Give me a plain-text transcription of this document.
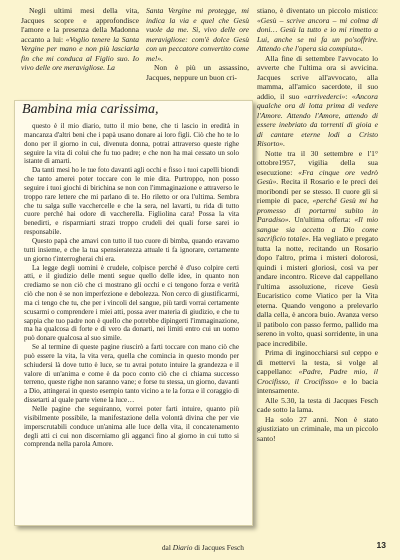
Negli ultimi mesi della vita, Jacques scopre e approfondisce l'amore e la presenza della Madonna accanto a lui: «Voglio tenere la Santa Vergine per mano e non più lasciarla fin che mi conduca al Figlio suo. Io vivo delle ore meravigliose. La

Santa Vergine mi protegge, mi indica la via e quel che Gesù vuole da me. Sì, vivo delle ore meravigliose: com'è dolce Gesù con un peccatore convertito come me!».

Non è più un assassino, Jacques, neppure un buon cri-

stiano, è diventato un piccolo mistico: «Gesù – scrive ancora – mi colma di doni… Gesù la tutto e io mi rimetto a Lui, anche se mi fa un po'soffrire. Attendo che l'opera sia compiuta».

Alla fine di settembre l'avvocato lo avverte che l'ultima ora si avvicina. Jacques scrive all'avvocato, alla mamma, all'amico sacerdote, il suo addio, il suo «arrivederci»: «Ancora qualche ora di lotta prima di vedere l'Amore. Attendo l'Amore, attendo di essere inebriato da torrenti di gioia e di cantare eterne lodi a Cristo Risorto».

Notte tra il 30 settembre e l'1° ottobre1957, vigilia della sua esecuzione: «Fra cinque ore vedrò Gesù». Recita il Rosario e le preci dei moribondi per se stesso. Il cuore gli si riempie di pace, «perché Gesù mi ha promesso di portarmi subito in Paradiso». Un'ultima offerta: «Il mio sangue sia accetto a Dio come sacrificio totale». Ha vegliato e pregato tutta la notte, recitando un Rosario dopo l'altro, prima i misteri dolorosi, quindi i misteri gloriosi, così va per andare incontro. Riceve dal cappellano l'ultima assoluzione, riceve Gesù Eucaristico come Viatico per la Vita eterna. Quando vengono a prelevarlo dalla cella, è ancora buio. Avanza verso il patibolo con passo fermo, pallido ma sereno in volto, quasi sorridente, in una pace incredibile.

Prima di inginocchiarsi sul ceppo e di mettervi la testa, si volge al cappellano: «Padre, Padre mio, il Crocifisso, il Crocifisso» e lo bacia intensamente.

Alle 5.30, la testa di Jacques Fesch cade sotto la lama.

Ha solo 27 anni. Non è stato giustiziato un criminale, ma un piccolo santo!

Bambina mia carissima,

questo è il mio diario, tutto il mio bene, che ti lascio in eredità in mancanza d'altri beni che i papà usano donare ai loro figli. Ciò che ho te lo dono per il giorno in cui, divenuta donna, potrai attraverso queste righe seguire la vita di colui che fu tuo padre; e che non ha mai cessato un solo istante di amarti.

Da tanti mesi ho le tue foto davanti agli occhi e fisso i tuoi capelli biondi che tanto amerei poter toccare con le mie dita. Purtroppo, non posso seguire i tuoi giochi di birichina se non con l'immaginazione e attraverso le troppo rare lettere che mi parlano di te. Ho riletto or ora l'ultima. Sembra che tu salga sulle vacchercelle e che la sera, nel lavarti, tu rida di tutto cuore perché hai odore di vaccherella. Figliolina cara! Possa la vita benedirti, e risparmiarti strazi troppo crudeli dei quali forse sarei io responsabile.

Questo papà che amavi con tutto il tuo cuore di bimba, quando eravamo tutti insieme, e che la tua spensieratezza attuale ti fa ignorare, certamente un giorno t'interrogherai chi era.

La legge degli uomini è crudele, colpisce perché è d'uso colpire certi atti, e il giudizio delle menti segue quello delle idee, in quanto non crediamo se non ciò che ci mostrano gli occhi e ci tengono forza e verità ciò che non è se non imperfezione e debolezza. Non cerco di giustificarmi, ma ci tengo che tu, che per i vincoli del sangue, più tardi vorrai certamente scusarmi o comprendere i miei atti, possa aver materia di giudizio, e che tu sappia che tuo padre non è quello che potrebbe dipingerti l'immaginazione, ma ha qualcosa di forte e di vero da donarti, nei limiti entro cui un uomo può donare qualcosa al suo simile.

Se al termine di queste pagine riuscirò a farti toccare con mano ciò che può essere la vita, la vita vera, quella che comincia in questo mondo per schiudersi là dove tutto è luce, se tu avrai potuto intuire la grandezza e il valore di un'anima e come è da poco conto ciò che ci chiama successo terreno, queste righe non saranno vane; e forse tu stessa, un giorno, davanti a Dio, attingerai in questo esempio tanto vicino a te la forza e il coraggio di dissetarti al quale parte viene la luce…

Nelle pagine che seguiranno, vorrei poter farti intuire, quanto più visibilmente possibile, la manifestazione della volontà divina che per vie imperscrutabili conduce un'anima alle luce della vita, il concatenamento degli atti ci cui non discerniamo gli agganci fino al giorno in cui tutto si comprenda nella parola Amore.

dal Diario di Jacques Fesch	13
